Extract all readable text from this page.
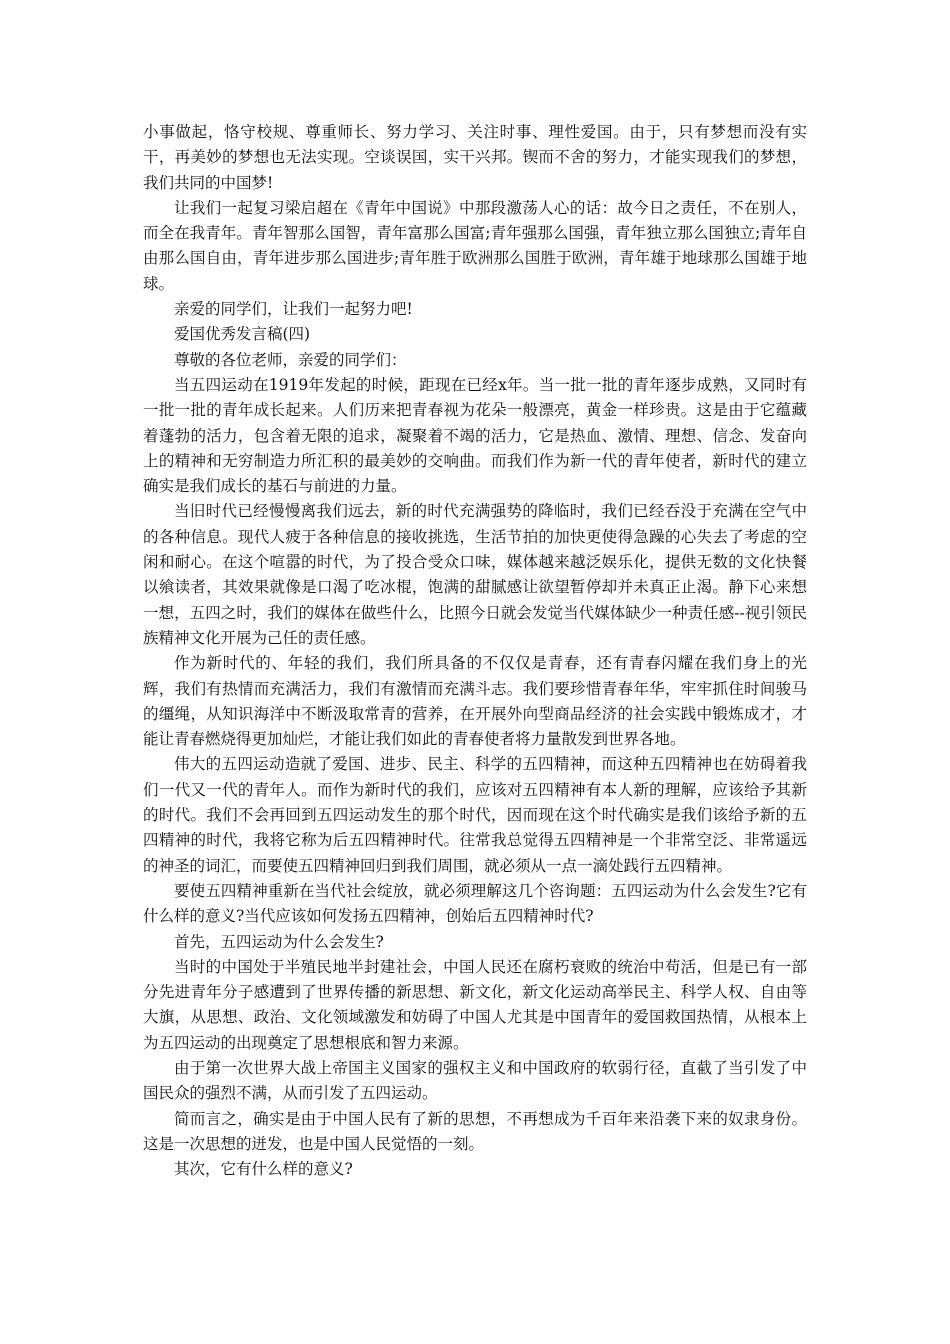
小事做起，恪守校规、尊重师长、努力学习、关注时事、理性爱国。由于，只有梦想而没有实干，再美妙的梦想也无法实现。空谈误国，实干兴邦。锲而不舍的努力，才能实现我们的梦想，我们共同的中国梦!

让我们一起复习梁启超在《青年中国说》中那段激荡人心的话：故今日之责任，不在别人，而全在我青年。青年智那么国智，青年富那么国富;青年强那么国强，青年独立那么国独立;青年自由那么国自由，青年进步那么国进步;青年胜于欧洲那么国胜于欧洲，青年雄于地球那么国雄于地球。

亲爱的同学们，让我们一起努力吧!

爱国优秀发言稿(四)

尊敬的各位老师，亲爱的同学们：

当五四运动在1919年发起的时候，距现在已经x年。当一批一批的青年逐步成熟，又同时有一批一批的青年成长起来。人们历来把青春视为花朵一般漂亮，黄金一样珍贵。这是由于它蕴藏着蓬勃的活力，包含着无限的追求，凝聚着不竭的活力，它是热血、激情、理想、信念、发奋向上的精神和无穷制造力所汇积的最美妙的交响曲。而我们作为新一代的青年使者，新时代的建立确实是我们成长的基石与前进的力量。

当旧时代已经慢慢离我们远去，新的时代充满强势的降临时，我们已经吞没于充满在空气中的各种信息。现代人疲于各种信息的接收挑选，生活节拍的加快更使得急躁的心失去了考虑的空闲和耐心。在这个喧嚣的时代，为了投合受众口味，媒体越来越泛娱乐化，提供无数的文化快餐以飨读者，其效果就像是口渴了吃冰棍，饱满的甜腻感让欲望暂停却并未真正止渴。静下心来想一想，五四之时，我们的媒体在做些什么，比照今日就会发觉当代媒体缺少一种责任感--视引领民族精神文化开展为己任的责任感。

作为新时代的、年轻的我们，我们所具备的不仅仅是青春，还有青春闪耀在我们身上的光辉，我们有热情而充满活力，我们有激情而充满斗志。我们要珍惜青春年华，牢牢抓住时间骏马的缰绳，从知识海洋中不断汲取常青的营养，在开展外向型商品经济的社会实践中锻炼成才，才能让青春燃烧得更加灿烂，才能让我们如此的青春使者将力量散发到世界各地。

伟大的五四运动造就了爱国、进步、民主、科学的五四精神，而这种五四精神也在妨碍着我们一代又一代的青年人。而作为新时代的我们，应该对五四精神有本人新的理解，应该给予其新的时代。我们不会再回到五四运动发生的那个时代，因而现在这个时代确实是我们该给予新的五四精神的时代，我将它称为后五四精神时代。往常我总觉得五四精神是一个非常空泛、非常遥远的神圣的词汇，而要使五四精神回归到我们周围，就必须从一点一滴处践行五四精神。

要使五四精神重新在当代社会绽放，就必须理解这几个咨询题：五四运动为什么会发生?它有什么样的意义?当代应该如何发扬五四精神，创始后五四精神时代?

首先，五四运动为什么会发生?

当时的中国处于半殖民地半封建社会，中国人民还在腐朽衰败的统治中苟活，但是已有一部分先进青年分子感遭到了世界传播的新思想、新文化，新文化运动高举民主、科学人权、自由等大旗，从思想、政治、文化领域激发和妨碍了中国人尤其是中国青年的爱国救国热情，从根本上为五四运动的出现奠定了思想根底和智力来源。

由于第一次世界大战上帝国主义国家的强权主义和中国政府的软弱行径，直截了当引发了中国民众的强烈不满，从而引发了五四运动。

简而言之，确实是由于中国人民有了新的思想，不再想成为千百年来沿袭下来的奴隶身份。这是一次思想的迸发，也是中国人民觉悟的一刻。

其次，它有什么样的意义?
